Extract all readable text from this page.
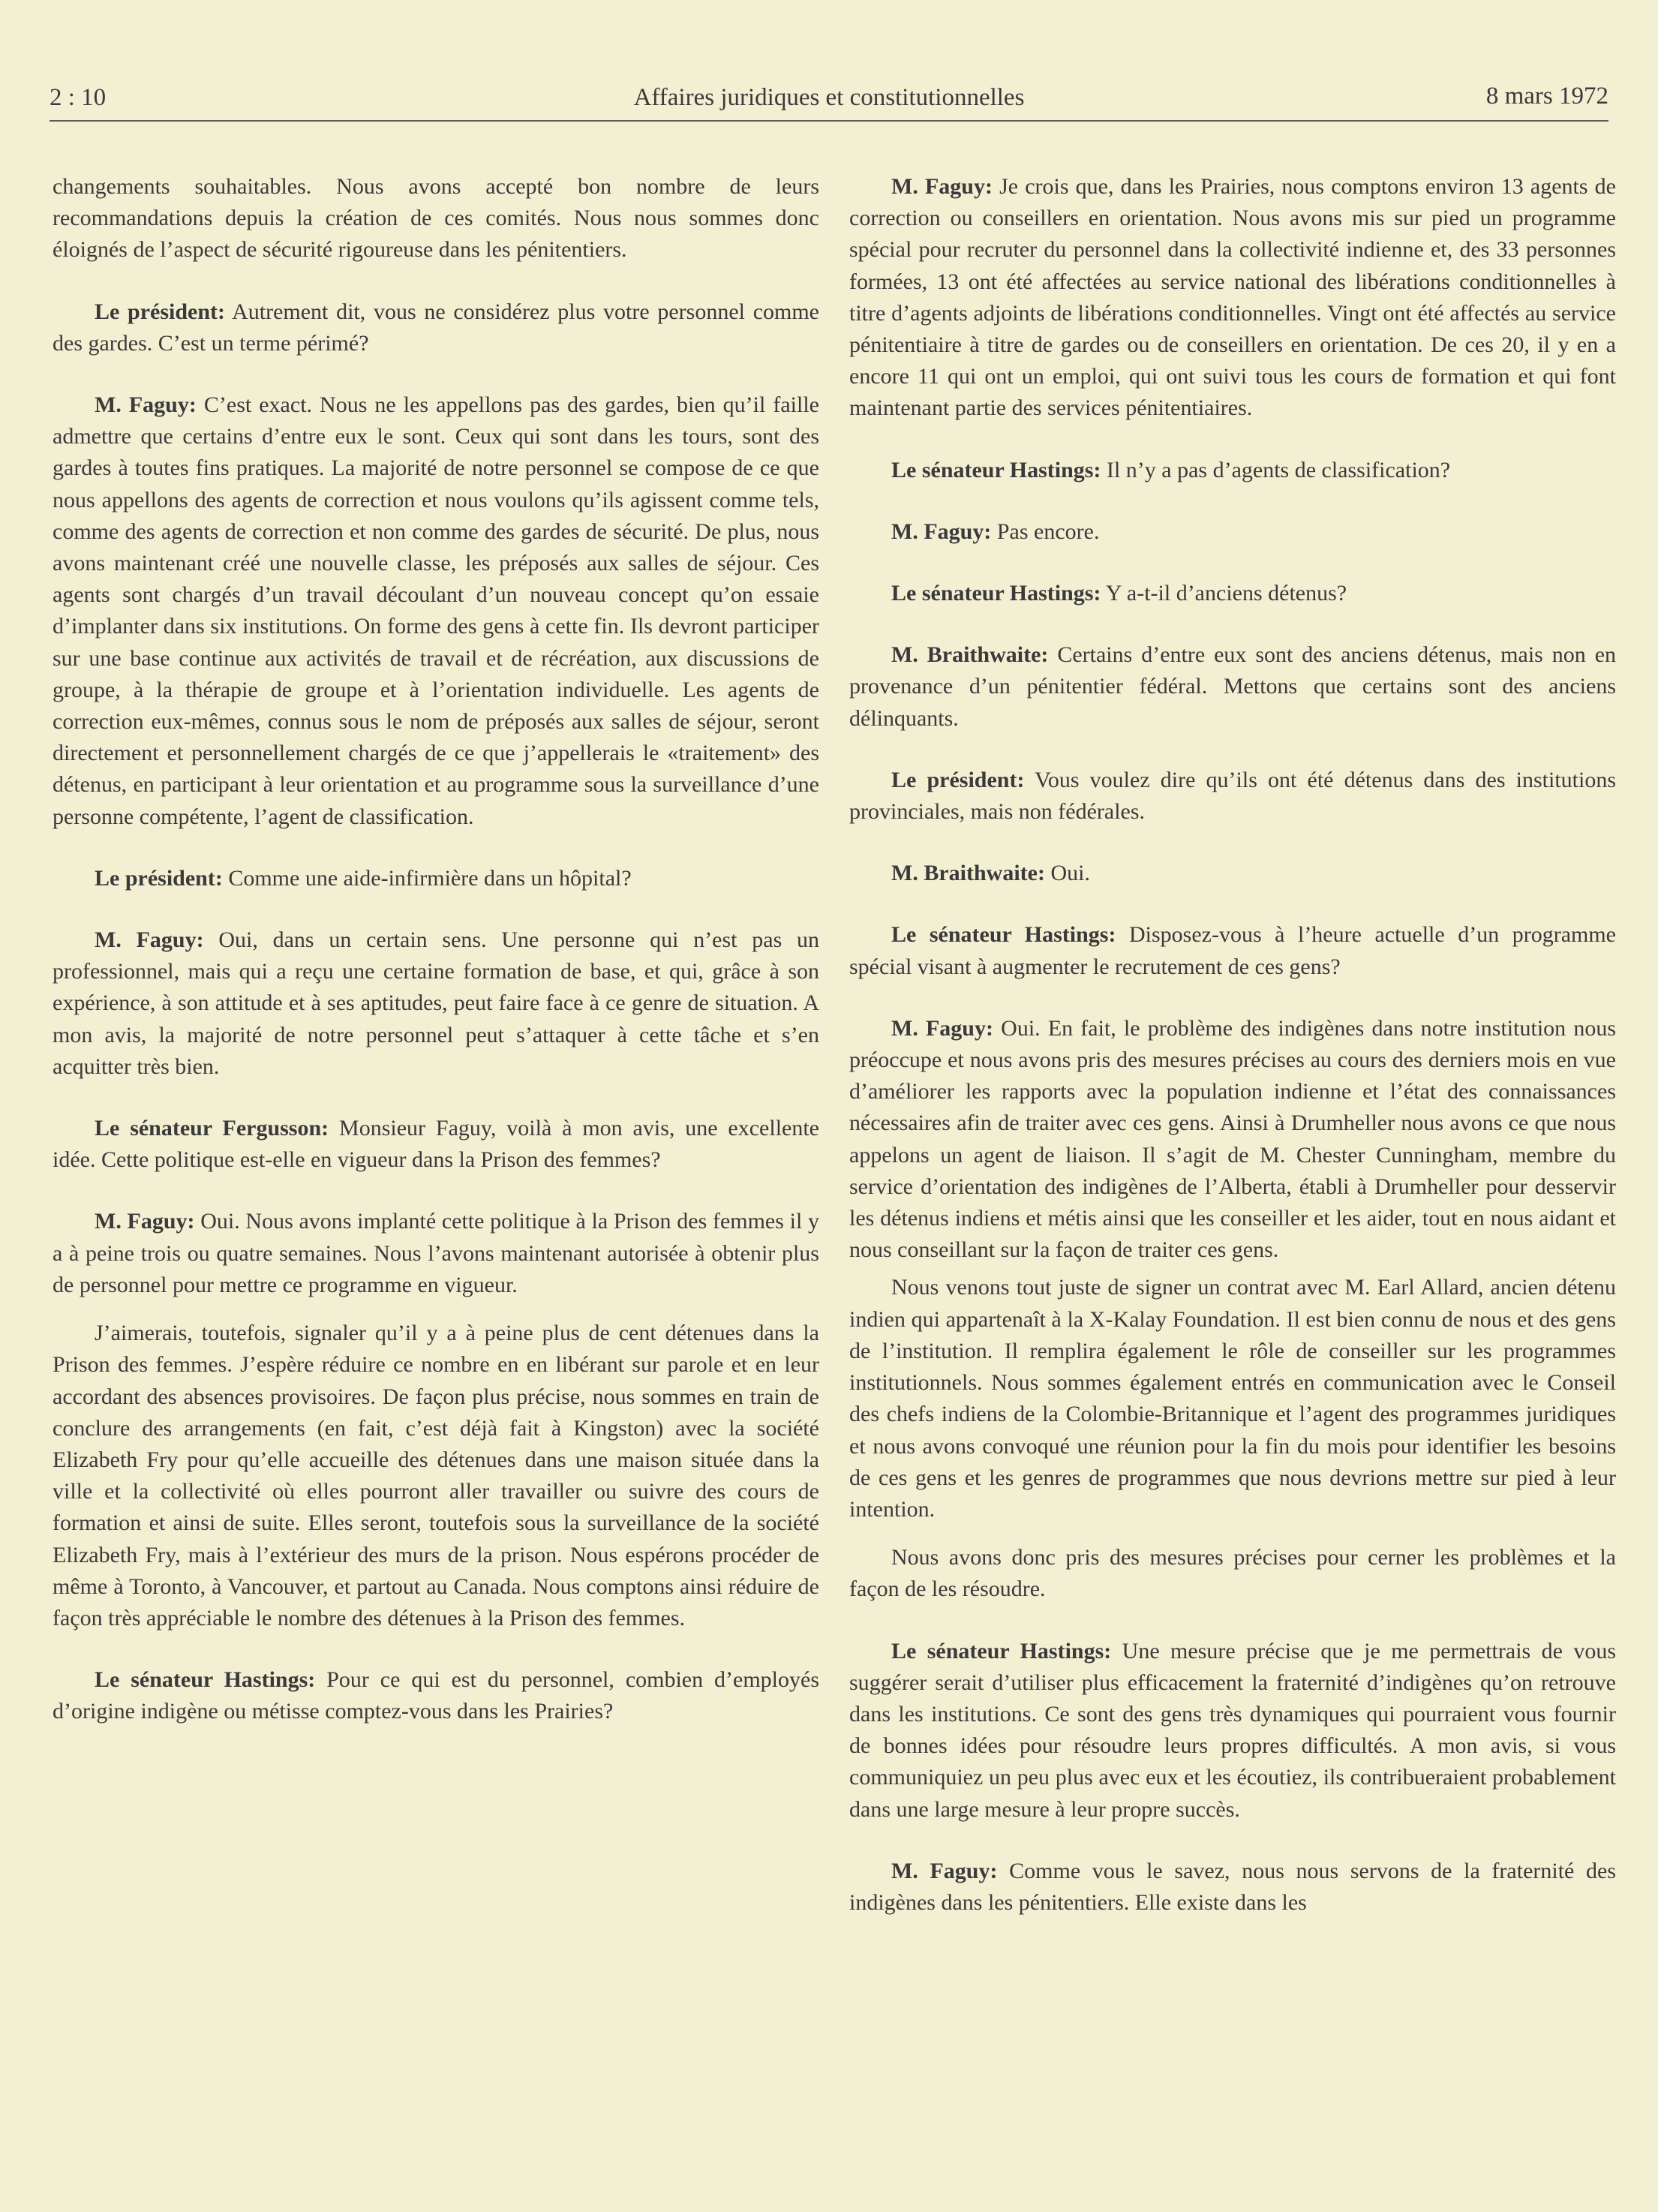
2 : 10	Affaires juridiques et constitutionnelles	8 mars 1972

changements souhaitables. Nous avons accepté bon nombre de leurs recommandations depuis la création de ces comités. Nous nous sommes donc éloignés de l’aspect de sécurité rigoureuse dans les pénitentiers.

Le président: Autrement dit, vous ne considérez plus votre personnel comme des gardes. C’est un terme périmé?

M. Faguy: C’est exact. Nous ne les appellons pas des gardes, bien qu’il faille admettre que certains d’entre eux le sont. Ceux qui sont dans les tours, sont des gardes à toutes fins pratiques. La majorité de notre personnel se compose de ce que nous appellons des agents de correction et nous voulons qu’ils agissent comme tels, comme des agents de correction et non comme des gardes de sécurité. De plus, nous avons maintenant créé une nouvelle classe, les préposés aux salles de séjour. Ces agents sont chargés d’un travail découlant d’un nouveau concept qu’on essaie d’implanter dans six institutions. On forme des gens à cette fin. Ils devront participer sur une base continue aux activités de travail et de récréation, aux discussions de groupe, à la thérapie de groupe et à l’orientation individuelle. Les agents de correction eux-mêmes, connus sous le nom de préposés aux salles de séjour, seront directement et personnellement chargés de ce que j’appellerais le «traitement» des détenus, en participant à leur orientation et au programme sous la surveillance d’une personne compétente, l’agent de classification.

Le président: Comme une aide-infirmière dans un hôpital?

M. Faguy: Oui, dans un certain sens. Une personne qui n’est pas un professionnel, mais qui a reçu une certaine formation de base, et qui, grâce à son expérience, à son attitude et à ses aptitudes, peut faire face à ce genre de situation. A mon avis, la majorité de notre personnel peut s’attaquer à cette tâche et s’en acquitter très bien.

Le sénateur Fergusson: Monsieur Faguy, voilà à mon avis, une excellente idée. Cette politique est-elle en vigueur dans la Prison des femmes?

M. Faguy: Oui. Nous avons implanté cette politique à la Prison des femmes il y a à peine trois ou quatre semaines. Nous l’avons maintenant autorisée à obtenir plus de personnel pour mettre ce programme en vigueur.

J’aimerais, toutefois, signaler qu’il y a à peine plus de cent détenues dans la Prison des femmes. J’espère réduire ce nombre en en libérant sur parole et en leur accordant des absences provisoires. De façon plus précise, nous sommes en train de conclure des arrangements (en fait, c’est déjà fait à Kingston) avec la société Elizabeth Fry pour qu’elle accueille des détenues dans une maison située dans la ville et la collectivité où elles pourront aller travailler ou suivre des cours de formation et ainsi de suite. Elles seront, toutefois sous la surveillance de la société Elizabeth Fry, mais à l’extérieur des murs de la prison. Nous espérons procéder de même à Toronto, à Vancouver, et partout au Canada. Nous comptons ainsi réduire de façon très appréciable le nombre des détenues à la Prison des femmes.

Le sénateur Hastings: Pour ce qui est du personnel, combien d’employés d’origine indigène ou métisse comptez-vous dans les Prairies?

M. Faguy: Je crois que, dans les Prairies, nous comptons environ 13 agents de correction ou conseillers en orientation. Nous avons mis sur pied un programme spécial pour recruter du personnel dans la collectivité indienne et, des 33 personnes formées, 13 ont été affectées au service national des libérations conditionnelles à titre d’agents adjoints de libérations conditionnelles. Vingt ont été affectés au service pénitentiaire à titre de gardes ou de conseillers en orientation. De ces 20, il y en a encore 11 qui ont un emploi, qui ont suivi tous les cours de formation et qui font maintenant partie des services pénitentiaires.

Le sénateur Hastings: Il n’y a pas d’agents de classification?

M. Faguy: Pas encore.

Le sénateur Hastings: Y a-t-il d’anciens détenus?

M. Braithwaite: Certains d’entre eux sont des anciens détenus, mais non en provenance d’un pénitentier fédéral. Mettons que certains sont des anciens délinquants.

Le président: Vous voulez dire qu’ils ont été détenus dans des institutions provinciales, mais non fédérales.

M. Braithwaite: Oui.

Le sénateur Hastings: Disposez-vous à l’heure actuelle d’un programme spécial visant à augmenter le recrutement de ces gens?

M. Faguy: Oui. En fait, le problème des indigènes dans notre institution nous préoccupe et nous avons pris des mesures précises au cours des derniers mois en vue d’améliorer les rapports avec la population indienne et l’état des connaissances nécessaires afin de traiter avec ces gens. Ainsi à Drumheller nous avons ce que nous appelons un agent de liaison. Il s’agit de M. Chester Cunningham, membre du service d’orientation des indigènes de l’Alberta, établi à Drumheller pour desservir les détenus indiens et métis ainsi que les conseiller et les aider, tout en nous aidant et nous conseillant sur la façon de traiter ces gens.

Nous venons tout juste de signer un contrat avec M. Earl Allard, ancien détenu indien qui appartenaît à la X-Kalay Foundation. Il est bien connu de nous et des gens de l’institution. Il remplira également le rôle de conseiller sur les programmes institutionnels. Nous sommes également entrés en communication avec le Conseil des chefs indiens de la Colombie-Britannique et l’agent des programmes juridiques et nous avons convoqué une réunion pour la fin du mois pour identifier les besoins de ces gens et les genres de programmes que nous devrions mettre sur pied à leur intention.

Nous avons donc pris des mesures précises pour cerner les problèmes et la façon de les résoudre.

Le sénateur Hastings: Une mesure précise que je me permettrais de vous suggérer serait d’utiliser plus efficacement la fraternité d’indigènes qu’on retrouve dans les institutions. Ce sont des gens très dynamiques qui pourraient vous fournir de bonnes idées pour résoudre leurs propres difficultés. A mon avis, si vous communiquiez un peu plus avec eux et les écoutiez, ils contribueraient probablement dans une large mesure à leur propre succès.

M. Faguy: Comme vous le savez, nous nous servons de la fraternité des indigènes dans les pénitentiers. Elle existe dans les
